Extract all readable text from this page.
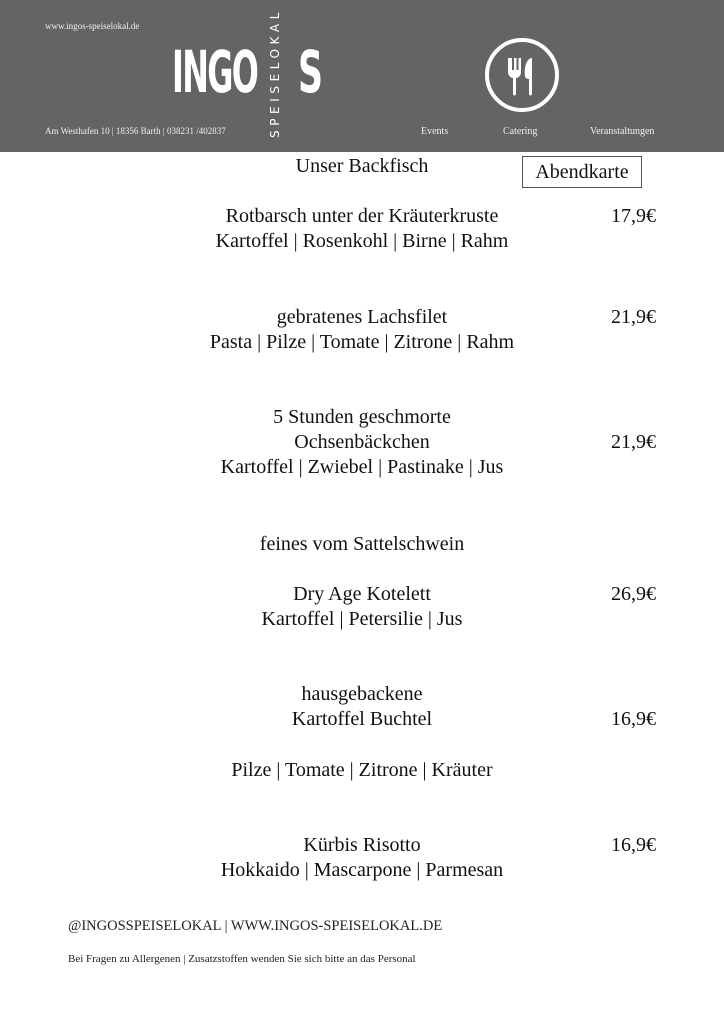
www.ingos-speiselokal.de
INGO S
SPEISELOKAL
Am Westhafen 10 | 18356 Barth | 038231 /402837	Events	Catering	Veranstaltungen
Unser Backfisch	Abendkarte
Rotbarsch unter der Kräuterkruste
Kartoffel | Rosenkohl | Birne | Rahm
17,9€
gebratenes Lachsfilet
Pasta | Pilze | Tomate | Zitrone | Rahm
21,9€
5 Stunden geschmorte
Ochsenbäckchen
Kartoffel | Zwiebel | Pastinake | Jus
21,9€
feines vom Sattelschwein
Dry Age Kotelett
Kartoffel | Petersilie | Jus
26,9€
hausgebackene
Kartoffel Buchtel
Pilze | Tomate | Zitrone | Kräuter
16,9€
Kürbis Risotto
Hokkaido | Mascarpone | Parmesan
16,9€
@INGOSSPEISELOKAL | WWW.INGOS-SPEISELOKAL.DE
Bei Fragen zu Allergenen | Zusatzstoffen wenden Sie sich bitte an das Personal
